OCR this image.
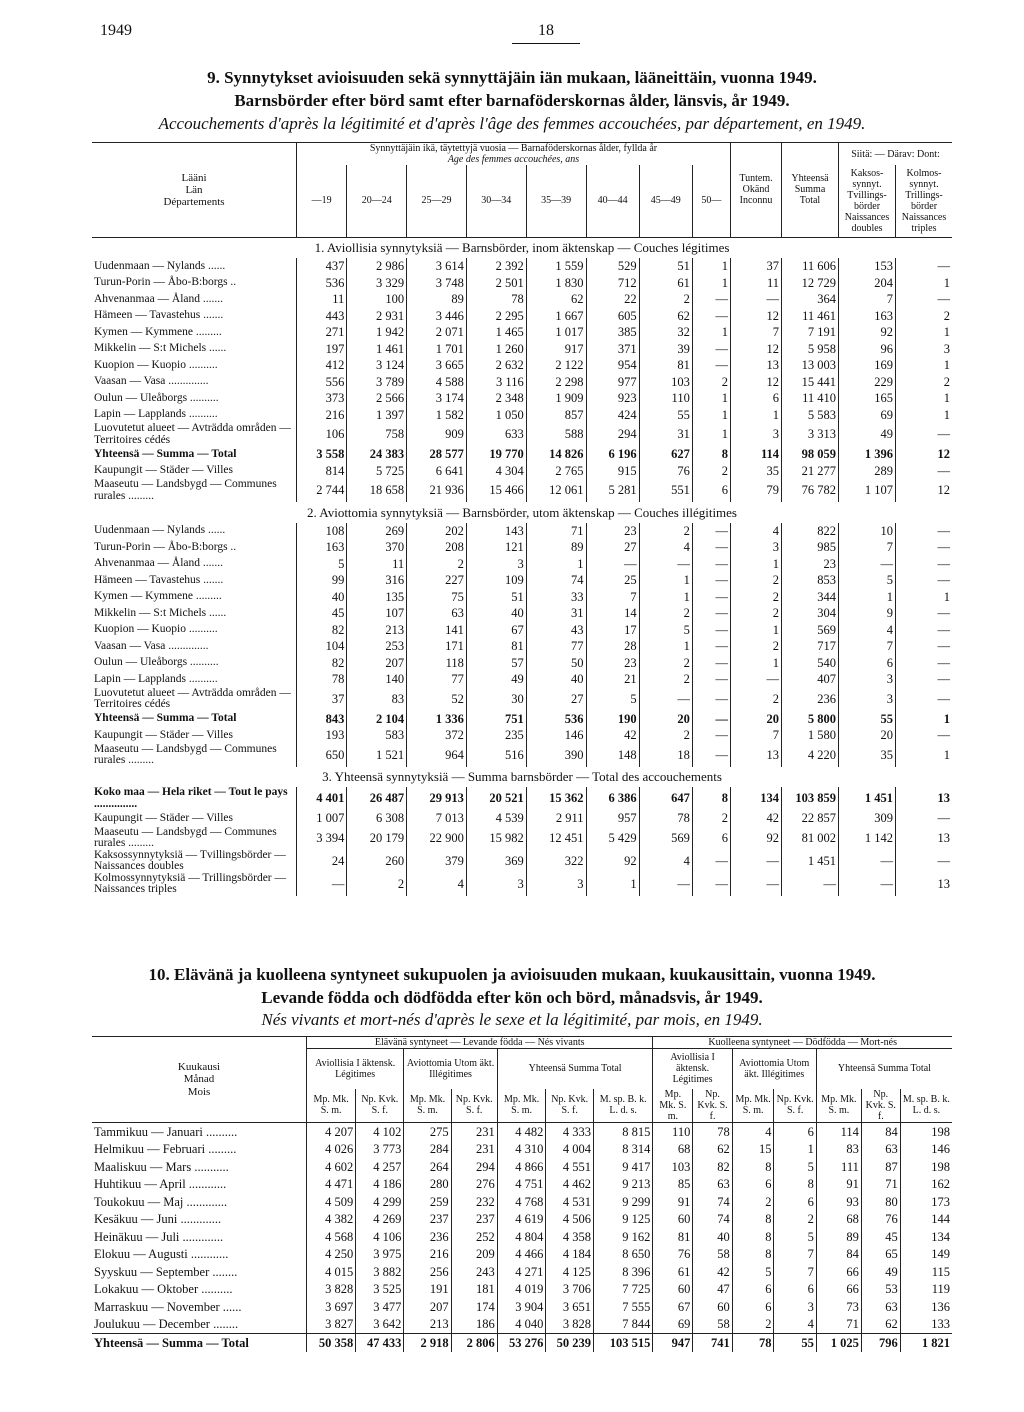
1949	18
9. Synnytykset avioisuuden sekä synnyttäjäin iän mukaan, lääneittäin, vuonna 1949.
Barnsbörder efter börd samt efter barnaföderskornas ålder, länsvis, år 1949.
Accouchements d'après la légitimité et d'après l'âge des femmes accouchées, par département, en 1949.
Lääni
Län
Départements	Synnyttäjäin ikä, täytettyjä vuosia — Barnaföderskornas ålder, fyllda år
Age des femmes accouchées, ans								Tuntem. Okänd Inconnu	Yhteensä Summa Total	Siitä: — Därav: Dont:	
	—19	20—24	25—29	30—34	35—39	40—44	45—49	50—			Kaksos-synnyt. Tvillings-börder Naissances doubles	Kolmos-synnyt. Trillings-börder Naissances triples
1. Aviollisia synnytyksiä — Barnsbörder, inom äktenskap — Couches légitimes												
Uudenmaan — Nylands ......	437	2 986	3 614	2 392	1 559	529	51	1	37	11 606	153	—
Turun-Porin — Åbo-B:borgs ..	536	3 329	3 748	2 501	1 830	712	61	1	11	12 729	204	1
Ahvenanmaa — Åland .......	11	100	89	78	62	22	2	—	—	364	7	—
Hämeen — Tavastehus .......	443	2 931	3 446	2 295	1 667	605	62	—	12	11 461	163	2
Kymen — Kymmene .........	271	1 942	2 071	1 465	1 017	385	32	1	7	7 191	92	1
Mikkelin — S:t Michels ......	197	1 461	1 701	1 260	917	371	39	—	12	5 958	96	3
Kuopion — Kuopio ..........	412	3 124	3 665	2 632	2 122	954	81	—	13	13 003	169	1
Vaasan — Vasa ..............	556	3 789	4 588	3 116	2 298	977	103	2	12	15 441	229	2
Oulun — Uleåborgs ..........	373	2 566	3 174	2 348	1 909	923	110	1	6	11 410	165	1
Lapin — Lapplands ..........	216	1 397	1 582	1 050	857	424	55	1	1	5 583	69	1
Luovutetut alueet — Avträdda områden — Territoires cédés	106	758	909	633	588	294	31	1	3	3 313	49	—
Yhteensä — Summa — Total	3 558	24 383	28 577	19 770	14 826	6 196	627	8	114	98 059	1 396	12
Kaupungit — Städer — Villes	814	5 725	6 641	4 304	2 765	915	76	2	35	21 277	289	—
Maaseutu — Landsbygd — Communes rurales .........	2 744	18 658	21 936	15 466	12 061	5 281	551	6	79	76 782	1 107	12
2. Aviottomia synnytyksiä — Barnsbörder, utom äktenskap — Couches illégitimes												
Uudenmaan — Nylands ......	108	269	202	143	71	23	2	—	4	822	10	—
Turun-Porin — Åbo-B:borgs ..	163	370	208	121	89	27	4	—	3	985	7	—
Ahvenanmaa — Åland .......	5	11	2	3	1	—	—	—	1	23	—	—
Hämeen — Tavastehus .......	99	316	227	109	74	25	1	—	2	853	5	—
Kymen — Kymmene .........	40	135	75	51	33	7	1	—	2	344	1	1
Mikkelin — S:t Michels ......	45	107	63	40	31	14	2	—	2	304	9	—
Kuopion — Kuopio ..........	82	213	141	67	43	17	5	—	1	569	4	—
Vaasan — Vasa ..............	104	253	171	81	77	28	1	—	2	717	7	—
Oulun — Uleåborgs ..........	82	207	118	57	50	23	2	—	1	540	6	—
Lapin — Lapplands ..........	78	140	77	49	40	21	2	—	—	407	3	—
Luovutetut alueet — Avträdda områden — Territoires cédés	37	83	52	30	27	5	—	—	2	236	3	—
Yhteensä — Summa — Total	843	2 104	1 336	751	536	190	20	—	20	5 800	55	1
Kaupungit — Städer — Villes	193	583	372	235	146	42	2	—	7	1 580	20	—
Maaseutu — Landsbygd — Communes rurales .........	650	1 521	964	516	390	148	18	—	13	4 220	35	1
3. Yhteensä synnytyksiä — Summa barnsbörder — Total des accouchements												
Koko maa — Hela riket — Tout le pays ...............	4 401	26 487	29 913	20 521	15 362	6 386	647	8	134	103 859	1 451	13
Kaupungit — Städer — Villes	1 007	6 308	7 013	4 539	2 911	957	78	2	42	22 857	309	—
Maaseutu — Landsbygd — Communes rurales .........	3 394	20 179	22 900	15 982	12 451	5 429	569	6	92	81 002	1 142	13
Kaksossynnytyksiä — Tvillingsbörder — Naissances doubles	24	260	379	369	322	92	4	—	—	1 451	—	—
Kolmossynnytyksiä — Trillingsbörder — Naissances triples	—	2	4	3	3	1	—	—	—	—	—	13
10. Elävänä ja kuolleena syntyneet sukupuolen ja avioisuuden mukaan, kuukausittain, vuonna 1949.
Levande födda och dödfödda efter kön och börd, månadsvis, år 1949.
Nés vivants et mort-nés d'après le sexe et la légitimité, par mois, en 1949.
Kuukausi
Månad
Mois	Elävänä syntyneet — Levande födda — Nés vivants							Kuolleena syntyneet — Dödfödda — Mort-nés						
	Aviollisia I äktensk. Légitimes		Aviottomia Utom äkt. Illégitimes		Yhteensä Summa Total			Aviollisia I äktensk. Légitimes		Aviottomia Utom äkt. Illégitimes		Yhteensä Summa Total		
	Mp. Mk. S. m.	Np. Kvk. S. f.	Mp. Mk. S. m.	Np. Kvk. S. f.	Mp. Mk. S. m.	Np. Kvk. S. f.	M. sp. B. k. L. d. s.	Mp. Mk. S. m.	Np. Kvk. S. f.	Mp. Mk. S. m.	Np. Kvk. S. f.	Mp. Mk. S. m.	Np. Kvk. S. f.	M. sp. B. k. L. d. s.
Tammikuu — Januari ..........	4 207	4 102	275	231	4 482	4 333	8 815	110	78	4	6	114	84	198
Helmikuu — Februari .........	4 026	3 773	284	231	4 310	4 004	8 314	68	62	15	1	83	63	146
Maaliskuu — Mars ...........	4 602	4 257	264	294	4 866	4 551	9 417	103	82	8	5	111	87	198
Huhtikuu — April ............	4 471	4 186	280	276	4 751	4 462	9 213	85	63	6	8	91	71	162
Toukokuu — Maj .............	4 509	4 299	259	232	4 768	4 531	9 299	91	74	2	6	93	80	173
Kesäkuu — Juni .............	4 382	4 269	237	237	4 619	4 506	9 125	60	74	8	2	68	76	144
Heinäkuu — Juli .............	4 568	4 106	236	252	4 804	4 358	9 162	81	40	8	5	89	45	134
Elokuu — Augusti ............	4 250	3 975	216	209	4 466	4 184	8 650	76	58	8	7	84	65	149
Syyskuu — September ........	4 015	3 882	256	243	4 271	4 125	8 396	61	42	5	7	66	49	115
Lokakuu — Oktober ..........	3 828	3 525	191	181	4 019	3 706	7 725	60	47	6	6	66	53	119
Marraskuu — November ......	3 697	3 477	207	174	3 904	3 651	7 555	67	60	6	3	73	63	136
Joulukuu — December ........	3 827	3 642	213	186	4 040	3 828	7 844	69	58	2	4	71	62	133
Yhteensä — Summa — Total	50 358	47 433	2 918	2 806	53 276	50 239	103 515	947	741	78	55	1 025	796	1 821
